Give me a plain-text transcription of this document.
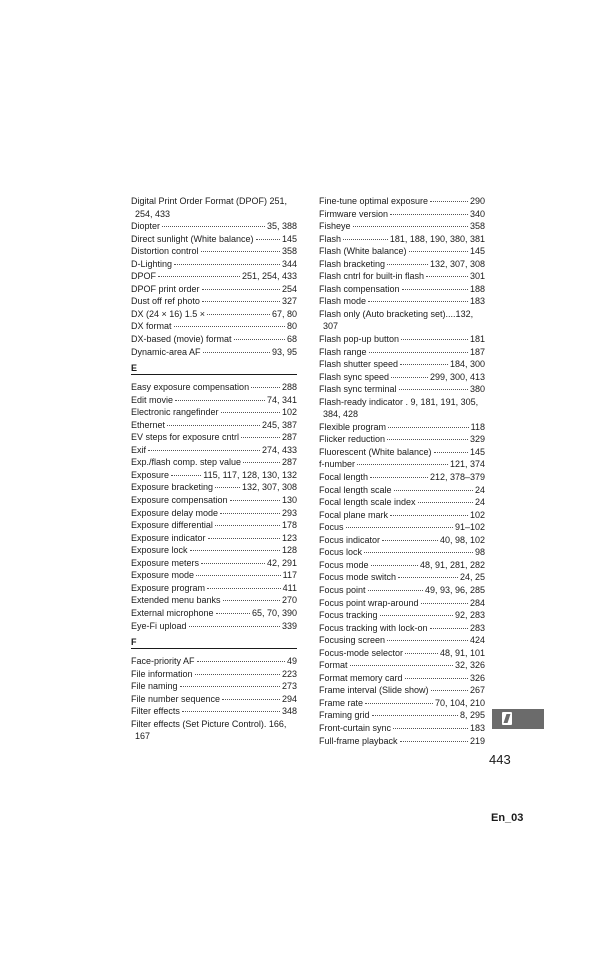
Digital Print Order Format (DPOF) 251,
254, 433
Diopter	35, 388
Direct sunlight (White balance)	145
Distortion control	358
D-Lighting	344
DPOF	251, 254, 433
DPOF print order	254
Dust off ref photo	327
DX (24 × 16) 1.5 ×	67, 80
DX format	80
DX-based (movie) format	68
Dynamic-area AF	93, 95
E
Easy exposure compensation	288
Edit movie	74, 341
Electronic rangefinder	102
Ethernet	245, 387
EV steps for exposure cntrl	287
Exif	274, 433
Exp./flash comp. step value	287
Exposure	115, 117, 128, 130, 132
Exposure bracketing	132, 307, 308
Exposure compensation	130
Exposure delay mode	293
Exposure differential	178
Exposure indicator	123
Exposure lock	128
Exposure meters	42, 291
Exposure mode	117
Exposure program	411
Extended menu banks	270
External microphone	65, 70, 390
Eye-Fi upload	339
F
Face-priority AF	49
File information	223
File naming	273
File number sequence	294
Filter effects	348
Filter effects (Set Picture Control). 166,
167
Fine-tune optimal exposure	290
Firmware version	340
Fisheye	358
Flash	181, 188, 190, 380, 381
Flash (White balance)	145
Flash bracketing	132, 307, 308
Flash cntrl for built-in flash	301
Flash compensation	188
Flash mode	183
Flash only (Auto bracketing set)....132,
307
Flash pop-up button	181
Flash range	187
Flash shutter speed	184, 300
Flash sync speed	299, 300, 413
Flash sync terminal	380
Flash-ready indicator . 9, 181, 191, 305,
384, 428
Flexible program	118
Flicker reduction	329
Fluorescent (White balance)	145
f-number	121, 374
Focal length	212, 378–379
Focal length scale	24
Focal length scale index	24
Focal plane mark	102
Focus	91–102
Focus indicator	40, 98, 102
Focus lock	98
Focus mode	48, 91, 281, 282
Focus mode switch	24, 25
Focus point	49, 93, 96, 285
Focus point wrap-around	284
Focus tracking	92, 283
Focus tracking with lock-on	283
Focusing screen	424
Focus-mode selector	48, 91, 101
Format	32, 326
Format memory card	326
Frame interval (Slide show)	267
Frame rate	70, 104, 210
Framing grid	8, 295
Front-curtain sync	183
Full-frame playback	219
443
En_03
